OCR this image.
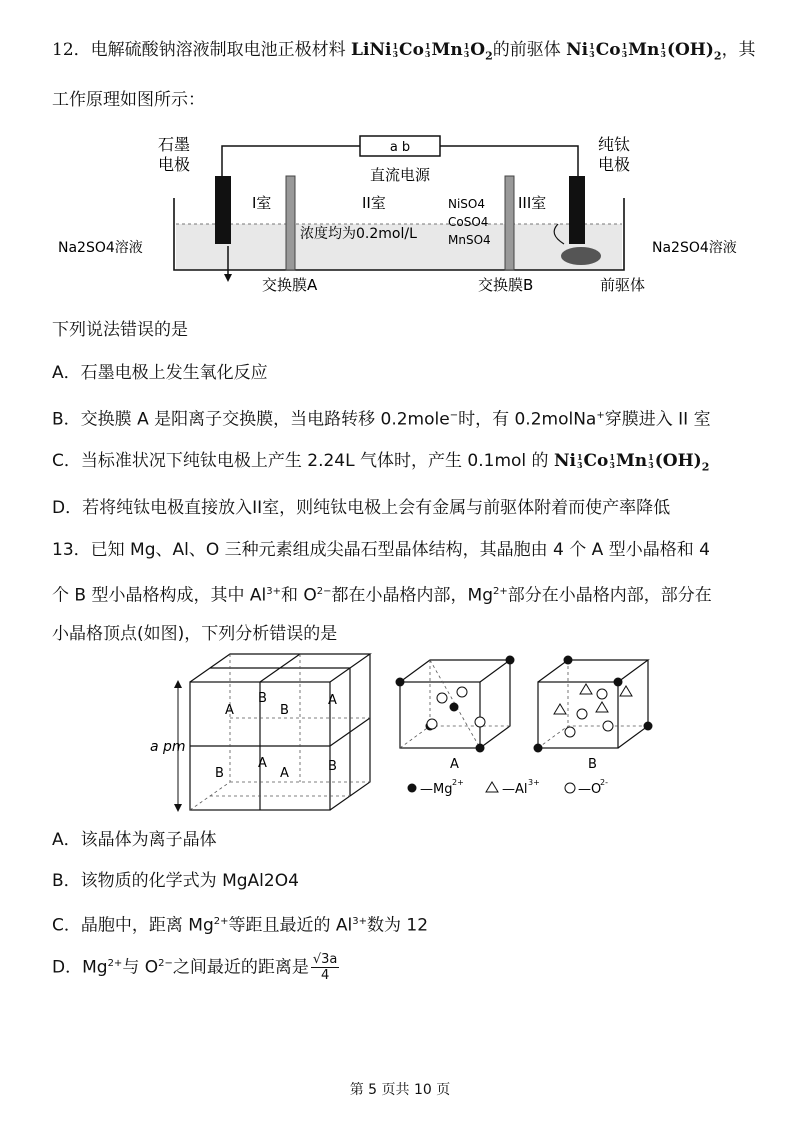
12．电解硫酸钠溶液制取电池正极材料 LiNi 1
3 Co 1
3 Mn 1
3 $O_2$的前驱体 Ni 1
3 Co 1
3 Mn 1
3 $(OH)_2$，其
工作原理如图所示：
a b
直流电源
石墨
电极
纯钛
电极
I室	II室	III室
浓度均为0.2mol/L
NiSO4
CoSO4
MnSO4
Na2SO4溶液	Na2SO4溶液
交换膜A	交换膜B	前驱体
下列说法错误的是
A．石墨电极上发生氧化反应
B．交换膜 A 是阳离子交换膜，当电路转移 0.2mole−时，有 0.2molNa+穿膜进入 II 室
C．当标准状况下纯钛电极上产生 2.24L 气体时，产生 0.1mol 的 Ni 1
3 Co 1
3 Mn 1
3 $(OH)_2$
D．若将纯钛电极直接放入II室，则纯钛电极上会有金属与前驱体附着而使产率降低
13．已知 Mg、Al、O 三种元素组成尖晶石型晶体结构，其晶胞由 4 个 A 型小晶格和 4
个 B 型小晶格构成，其中 $Al^{3+}$和 $O^{2-}$都在小晶格内部，$Mg^{2+}$部分在小晶格内部，部分在
小晶格顶点(如图)，下列分析错误的是
a pm
A
B
B
A
B
A
A	B	A	B
—Mg 2+	—Al 3+	—O
2-
A．该晶体为离子晶体
B．该物质的化学式为 MgAl2O4
C．晶胞中，距离 $Mg^{2+}$等距且最近的 $Al^{3+}$数为 12
D．$Mg^{2+}$与 $O^{2-}$之间最近的距离是 $\frac{√3a}{4}$
第 5 页共 10 页
